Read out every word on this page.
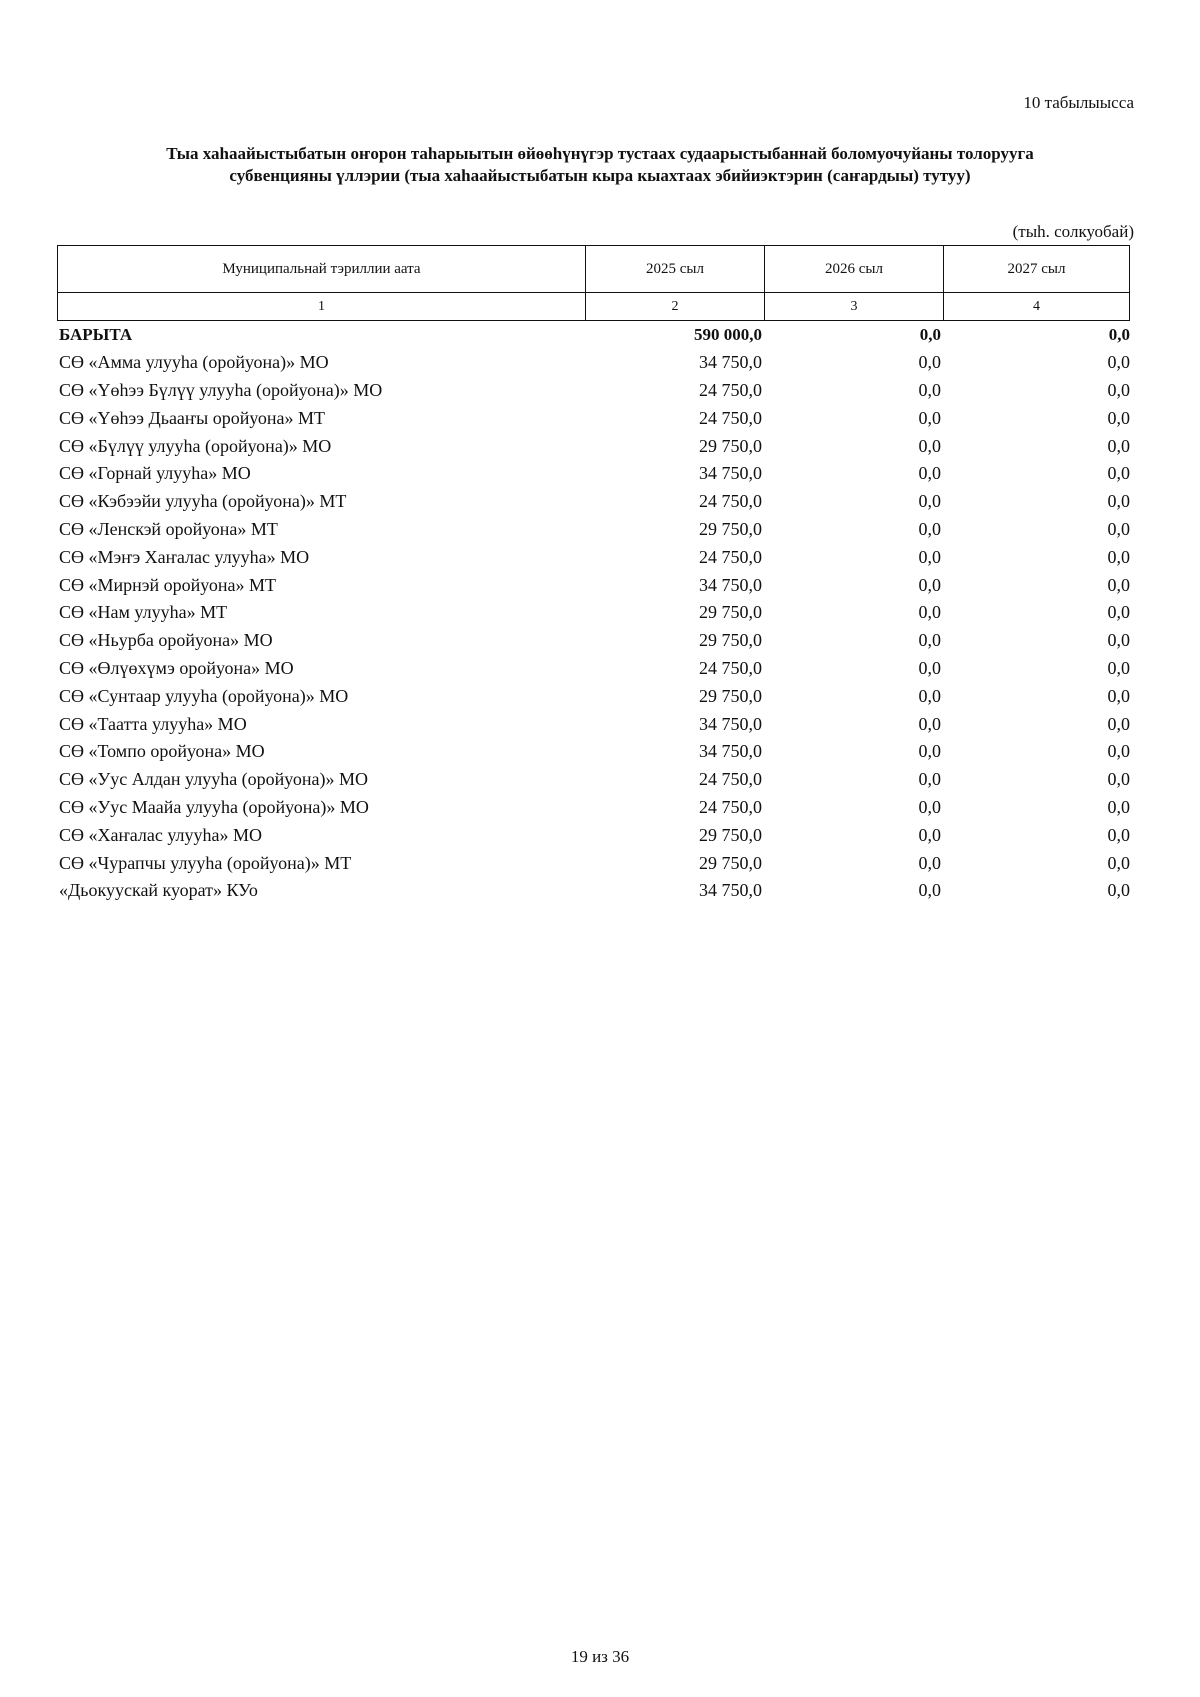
10 табылыысса
Тыа хаһаайыстыбатын оҥорон таһарыытын өйөөһүнүгэр тустаах судаарыстыбаннай боломуочуйаны толорууга
субвенцияны үллэрии (тыа хаһаайыстыбатын кыра кыахтаах эбийиэктэрин (саҥардыы) тутуу)
(тыһ. солкуобай)
Муниципальнай тэриллии аата	2025 сыл	2026 сыл	2027 сыл
1	2	3	4
БАРЫТА	590 000,0	0,0	0,0
СӨ «Амма улууһа (оройуона)» МО	34 750,0	0,0	0,0
СӨ «Үөһээ Бүлүү улууһа (оройуона)» МО	24 750,0	0,0	0,0
СӨ «Үөһээ Дьааҥы оройуона» МТ	24 750,0	0,0	0,0
СӨ «Бүлүү улууһа (оройуона)» МО	29 750,0	0,0	0,0
СӨ «Горнай улууһа» МО	34 750,0	0,0	0,0
СӨ «Кэбээйи улууһа (оройуона)» МТ	24 750,0	0,0	0,0
СӨ «Ленскэй оройуона» МТ	29 750,0	0,0	0,0
СӨ «Мэҥэ Хаҥалас улууһа» МО	24 750,0	0,0	0,0
СӨ «Мирнэй оройуона» МТ	34 750,0	0,0	0,0
СӨ «Нам улууһа» МТ	29 750,0	0,0	0,0
СӨ «Ньурба оройуона» МО	29 750,0	0,0	0,0
СӨ «Өлүөхүмэ оройуона» МО	24 750,0	0,0	0,0
СӨ «Сунтаар улууһа (оройуона)» МО	29 750,0	0,0	0,0
СӨ «Таатта улууһа» МО	34 750,0	0,0	0,0
СӨ «Томпо оройуона» МО	34 750,0	0,0	0,0
СӨ «Уус Алдан улууһа (оройуона)» МО	24 750,0	0,0	0,0
СӨ «Уус Маайа улууһа (оройуона)» МО	24 750,0	0,0	0,0
СӨ «Хаҥалас улууһа» МО	29 750,0	0,0	0,0
СӨ «Чурапчы улууһа (оройуона)» МТ	29 750,0	0,0	0,0
«Дьокуускай куорат» КУо	34 750,0	0,0	0,0
19 из 36
